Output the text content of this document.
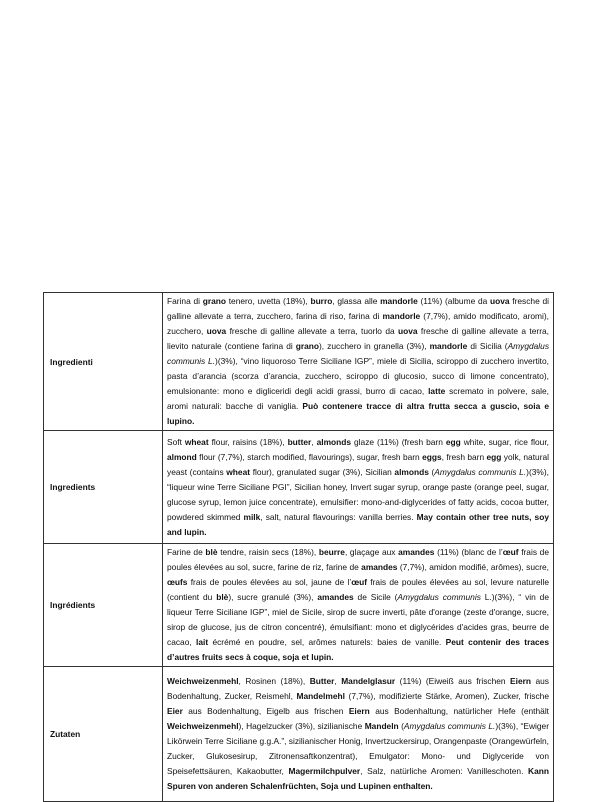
Ingredienti	Farina di grano tenero, uvetta (18%), burro, glassa alle mandorle (11%) (albume da uova fresche di galline allevate a terra, zucchero, farina di riso, farina di mandorle (7,7%), amido modificato, aromi), zucchero, uova fresche di galline allevate a terra, tuorlo da uova fresche di galline allevate a terra, lievito naturale (contiene farina di grano), zucchero in granella (3%), mandorle di Sicilia (Amygdalus communis L.)(3%), “vino liquoroso Terre Siciliane IGP”, miele di Sicilia, sciroppo di zucchero invertito, pasta d’arancia (scorza d’arancia, zucchero, sciroppo di glucosio, succo di limone concentrato), emulsionante: mono e digliceridi degli acidi grassi, burro di cacao, latte scremato in polvere, sale, aromi naturali: bacche di vaniglia. Può contenere tracce di altra frutta secca a guscio, soia e lupino.
Ingredients	Soft wheat flour, raisins (18%), butter, almonds glaze (11%) (fresh barn egg white, sugar, rice flour, almond flour (7,7%), starch modified, flavourings), sugar, fresh barn eggs, fresh barn egg yolk, natural yeast (contains wheat flour), granulated sugar (3%), Sicilian almonds (Amygdalus communis L.)(3%), “liqueur wine Terre Siciliane PGI”, Sicilian honey, Invert sugar syrup, orange paste (orange peel, sugar, glucose syrup, lemon juice concentrate), emulsifier: mono-and-diglycerides of fatty acids, cocoa butter, powdered skimmed milk, salt, natural flavourings: vanilla berries. May contain other tree nuts, soy and lupin.
Ingrédients	Farine de blè tendre, raisin secs (18%), beurre, glaçage aux amandes (11%) (blanc de l’œuf frais de poules élevées au sol, sucre, farine de riz, farine de amandes (7,7%), amidon modifié, arômes), sucre, œufs frais de poules élevées au sol, jaune de l’œuf frais de poules élevées au sol, levure naturelle (contient du blè), sucre granulé (3%), amandes de Sicile (Amygdalus communis L.)(3%), “ vin de liqueur Terre Siciliane IGP”, miel de Sicile, sirop de sucre inverti, pâte d'orange (zeste d'orange, sucre, sirop de glucose, jus de citron concentré), émulsifiant: mono et diglycérides d'acides gras, beurre de cacao, lait écrémé en poudre, sel, arômes naturels: baies de vanille. Peut contenir des traces d’autres fruits secs à coque, soja et lupin.
Zutaten	Weichweizenmehl, Rosinen (18%), Butter, Mandelglasur (11%) (Eiweiß aus frischen Eiern aus Bodenhaltung, Zucker, Reismehl, Mandelmehl (7,7%), modifizierte Stärke, Aromen), Zucker, frische Eier aus Bodenhaltung, Eigelb aus frischen Eiern aus Bodenhaltung, natürlicher Hefe (enthält Weichweizenmehl), Hagelzucker (3%), sizilianische Mandeln (Amygdalus communis L.)(3%), “Ewiger Likörwein Terre Siciliane g.g.A.”, sizilianischer Honig, Invertzuckersirup, Orangenpaste (Orangewürfeln, Zucker, Glukosesirup, Zitronensaftkonzentrat), Emulgator: Mono- und Diglyceride von Speisefettsäuren, Kakaobutter, Magermilchpulver, Salz, natürliche Aromen: Vanilleschoten. Kann Spuren von anderen Schalenfrüchten, Soja und Lupinen enthalten.
